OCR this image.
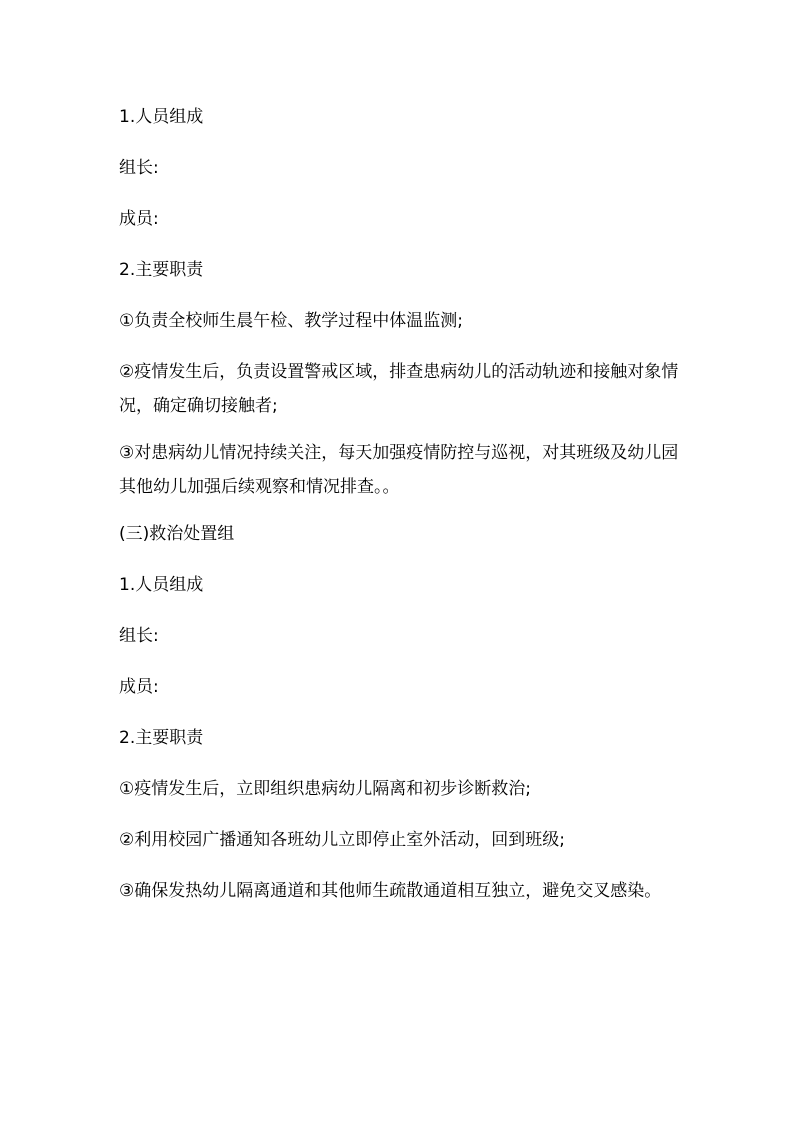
1.人员组成

组长:

成员:

2.主要职责

①负责全校师生晨午检、教学过程中体温监测;

②疫情发生后，负责设置警戒区域，排查患病幼儿的活动轨迹和接触对象情况，确定确切接触者;

③对患病幼儿情况持续关注，每天加强疫情防控与巡视，对其班级及幼儿园其他幼儿加强后续观察和情况排查。。

(三)救治处置组

1.人员组成

组长:

成员:

2.主要职责

①疫情发生后，立即组织患病幼儿隔离和初步诊断救治;

②利用校园广播通知各班幼儿立即停止室外活动，回到班级;

③确保发热幼儿隔离通道和其他师生疏散通道相互独立，避免交叉感染。
